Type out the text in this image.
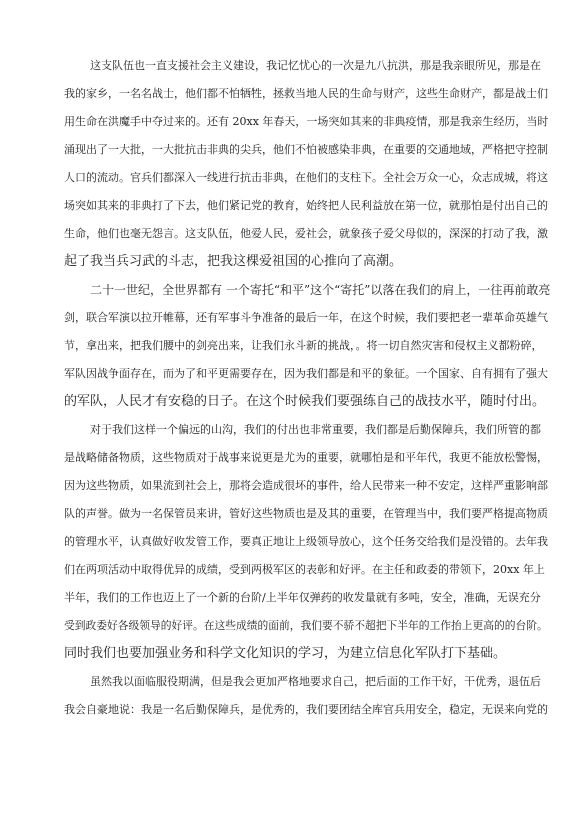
这支队伍也一直支援社会主义建设，我记忆忧心的一次是九八抗洪，那是我亲眼所见，那是在
我的家乡，一名名战士，他们都不怕牺牲，拯救当地人民的生命与财产，这些生命财产，都是战士们
用生命在洪魔手中夺过来的。还有 20xx 年春天，一场突如其来的非典疫情，那是我亲生经历，当时
涌现出了一大批，一大批抗击非典的尖兵，他们不怕被感染非典，在重要的交通地域，严格把守控制
人口的流动。官兵们都深入一线进行抗击非典，在他们的支柱下。全社会万众一心，众志成城，将这
场突如其来的非典打了下去，他们紧记党的教育，始终把人民利益放在第一位，就那怕是付出自己的
生命，他们也毫无怨言。这支队伍，他爱人民，爱社会，就象孩子爱父母似的，深深的打动了我，激
起了我当兵习武的斗志，把我这棵爱祖国的心推向了高潮。
二十一世纪，全世界都有 一个寄托“和平”这个“寄托”以落在我们的肩上，一往再前敢亮
剑，联合军演以拉开帷幕，还有军事斗争准备的最后一年，在这个时候，我们要把老一辈革命英雄气
节，拿出来，把我们腰中的剑亮出来，让我们永斗新的挑战，。将一切自然灾害和侵权主义都粉碎，
军队因战争面存在，而为了和平更需要存在，因为我们都是和平的象征。一个国家、自有拥有了强大
的军队，人民才有安稳的日子。在这个时候我们要强练自己的战技水平，随时付出。
对于我们这样一个偏远的山沟，我们的付出也非常重要，我们都是后勤保障兵，我们所管的都
是战略储备物质，这些物质对于战事来说更是尤为的重要，就哪怕是和平年代，我更不能放松警惕，
因为这些物质，如果流到社会上，那将会造成很坏的事件，给人民带来一种不安定，这样严重影响部
队的声誉。做为一名保管员来讲，管好这些物质也是及其的重要，在管理当中，我们要严格提高物质
的管理水平，认真做好收发管工作，要真正地让上级领导放心，这个任务交给我们是没错的。去年我
们在两项活动中取得优异的成绩，受到两极军区的表彰和好评。在主任和政委的带领下，20xx 年上
半年，我们的工作也迈上了一个新的台阶/上半年仅弹药的收发量就有多吨，安全，准确，无误充分
受到政委好各级领导的好评。在这些成绩的面前，我们要不骄不超把下半年的工作抬上更高的的台阶。
同时我们也要加强业务和科学文化知识的学习，为建立信息化军队打下基础。
虽然我以面临服役期满，但是我会更加严格地要求自己，把后面的工作干好，干优秀，退伍后
我会自豪地说：我是一名后勤保障兵，是优秀的，我们要团结全库官兵用安全，稳定，无误来向党的
